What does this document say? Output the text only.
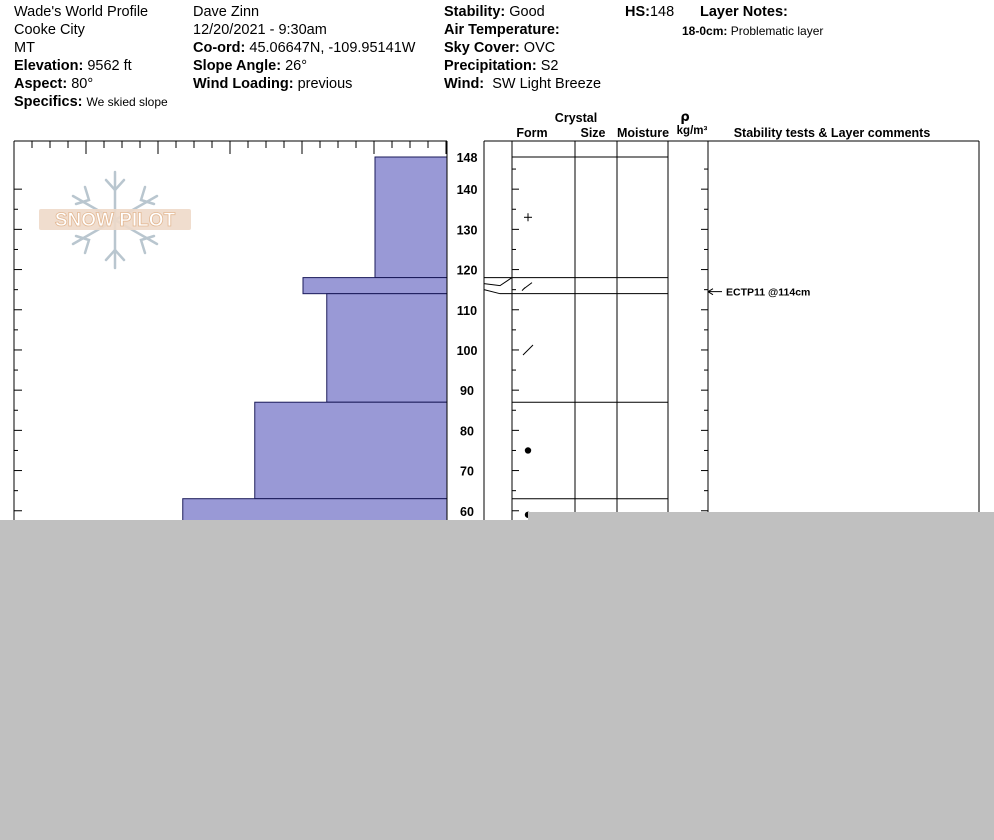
Wade's World Profile
Cooke City
MT
Elevation: 9562 ft
Aspect: 80°
Specifics: We skied slope
Dave Zinn
12/20/2021 - 9:30am
Co-ord: 45.06647N, -109.95141W
Slope Angle: 26°
Wind Loading: previous
Stability: Good
Air Temperature:
Sky Cover: OVC
Precipitation: S2
Wind: SW Light Breeze
HS:148 Layer Notes:
18-0cm: Problematic layer
SNOW PILOT
60
70
80
90
100
110
120
130
140
148
Crystal
Form	Size Moisture
ρ
kg/m³ Stability tests & Layer comments
ECTP11 @114cm
